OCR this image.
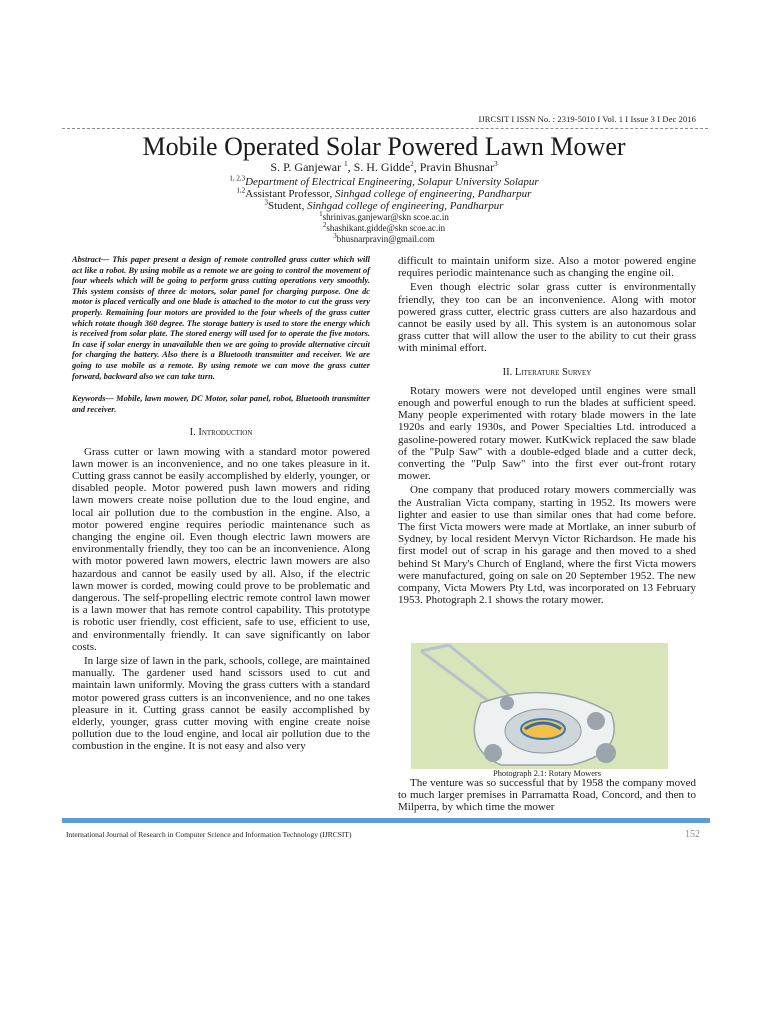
IJRCSIT I ISSN No. : 2319-5010 I Vol. 1 I Issue 3 I Dec 2016
Mobile Operated Solar Powered Lawn Mower
S. P. Ganjewar $^1$, S. H. Gidde$^2$, Pravin Bhusnar$^3$
$^{1, 2,3}$Department of Electrical Engineering, Solapur University Solapur
$^{1,2}$Assistant Professor, Sinhgad college of engineering, Pandharpur
$^3$Student, Sinhgad college of engineering, Pandharpur
$^1$shrinivas.ganjewar@skn scoe.ac.in
$^2$shashikant.gidde@skn scoe.ac.in
$^3$bhusnarpravin@gmail.com

Abstract— This paper present a design of remote controlled grass cutter which will act like a robot. By using mobile as a remote we are going to control the movement of four wheels which will be going to perform grass cutting operations very smoothly. This system consists of three dc motors, solar panel for charging purpose. One dc motor is placed vertically and one blade is attached to the motor to cut the grass very properly. Remaining four motors are provided to the four wheels of the grass cutter which rotate though 360 degree. The storage battery is used to store the energy which is received from solar plate. The stored energy will used for to operate the five motors. In case if solar energy in unavailable then we are going to provide alternative circuit for charging the battery. Also there is a Bluetooth transmitter and receiver. We are going to use mobile as a remote. By using remote we can move the grass cutter forward, backward also we can take turn.

Keywords— Mobile, lawn mower, DC Motor, solar panel, robot, Bluetooth transmitter and receiver.

I. Introduction

Grass cutter or lawn mowing with a standard motor powered lawn mower is an inconvenience, and no one takes pleasure in it. Cutting grass cannot be easily accomplished by elderly, younger, or disabled people. Motor powered push lawn mowers and riding lawn mowers create noise pollution due to the loud engine, and local air pollution due to the combustion in the engine. Also, a motor powered engine requires periodic maintenance such as changing the engine oil. Even though electric lawn mowers are environmentally friendly, they too can be an inconvenience. Along with motor powered lawn mowers, electric lawn mowers are also hazardous and cannot be easily used by all. Also, if the electric lawn mower is corded, mowing could prove to be problematic and dangerous. The self-propelling electric remote control lawn mower is a lawn mower that has remote control capability. This prototype is robotic user friendly, cost efficient, safe to use, efficient to use, and environmentally friendly. It can save significantly on labor costs.

In large size of lawn in the park, schools, college, are maintained manually. The gardener used hand scissors used to cut and maintain lawn uniformly. Moving the grass cutters with a standard motor powered grass cutters is an inconvenience, and no one takes pleasure in it. Cutting grass cannot be easily accomplished by elderly, younger, grass cutter moving with engine create noise pollution due to the loud engine, and local air pollution due to the combustion in the engine. It is not easy and also very

difficult to maintain uniform size. Also a motor powered engine requires periodic maintenance such as changing the engine oil.

Even though electric solar grass cutter is environmentally friendly, they too can be an inconvenience. Along with motor powered grass cutter, electric grass cutters are also hazardous and cannot be easily used by all. This system is an autonomous solar grass cutter that will allow the user to the ability to cut their grass with minimal effort.

II. Literature Survey

Rotary mowers were not developed until engines were small enough and powerful enough to run the blades at sufficient speed. Many people experimented with rotary blade mowers in the late 1920s and early 1930s, and Power Specialties Ltd. introduced a gasoline-powered rotary mower. KutKwick replaced the saw blade of the "Pulp Saw" with a double-edged blade and a cutter deck, converting the "Pulp Saw" into the first ever out-front rotary mower.

One company that produced rotary mowers commercially was the Australian Victa company, starting in 1952. Its mowers were lighter and easier to use than similar ones that had come before. The first Victa mowers were made at Mortlake, an inner suburb of Sydney, by local resident Mervyn Victor Richardson. He made his first model out of scrap in his garage and then moved to a shed behind St Mary's Church of England, where the first Victa mowers were manufactured, going on sale on 20 September 1952. The new company, Victa Mowers Pty Ltd, was incorporated on 13 February 1953. Photograph 2.1 shows the rotary mower.

Photograph 2.1: Rotary Mowers

The venture was so successful that by 1958 the company moved to much larger premises in Parramatta Road, Concord, and then to Milperra, by which time the mower

International Journal of Research in Computer Science and Information Technology (IJRCSIT)	152
